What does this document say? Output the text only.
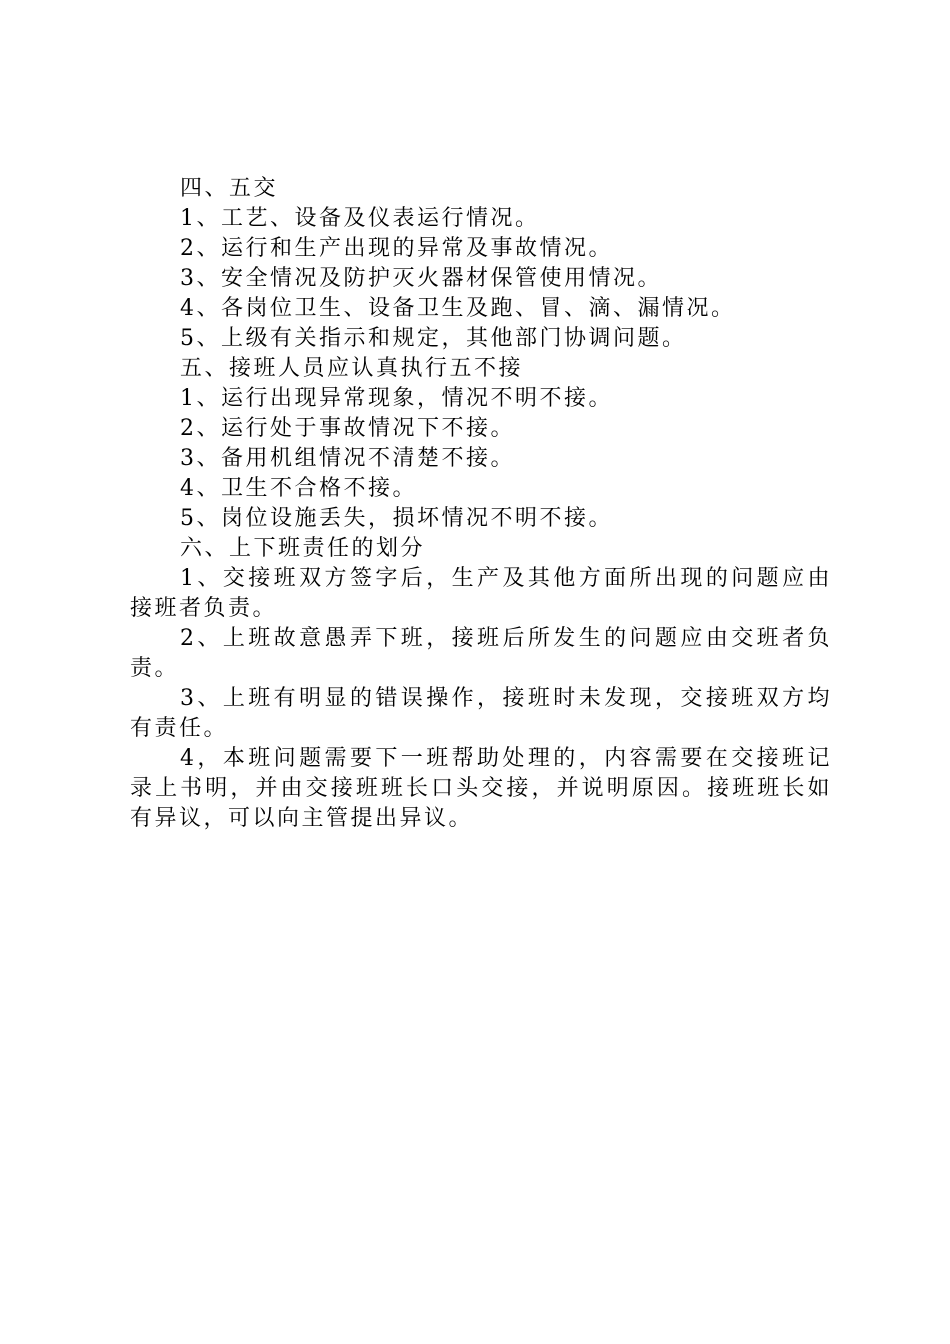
四、五交

1、工艺、设备及仪表运行情况。

2、运行和生产出现的异常及事故情况。

3、安全情况及防护灭火器材保管使用情况。

4、各岗位卫生、设备卫生及跑、冒、滴、漏情况。

5、上级有关指示和规定，其他部门协调问题。

五、接班人员应认真执行五不接

1、运行出现异常现象，情况不明不接。

2、运行处于事故情况下不接。

3、备用机组情况不清楚不接。

4、卫生不合格不接。

5、岗位设施丢失，损坏情况不明不接。

六、上下班责任的划分

1、交接班双方签字后，生产及其他方面所出现的问题应由接班者负责。

2、上班故意愚弄下班，接班后所发生的问题应由交班者负责。

3、上班有明显的错误操作，接班时未发现，交接班双方均有责任。

4，本班问题需要下一班帮助处理的，内容需要在交接班记录上书明，并由交接班班长口头交接，并说明原因。接班班长如有异议，可以向主管提出异议。
